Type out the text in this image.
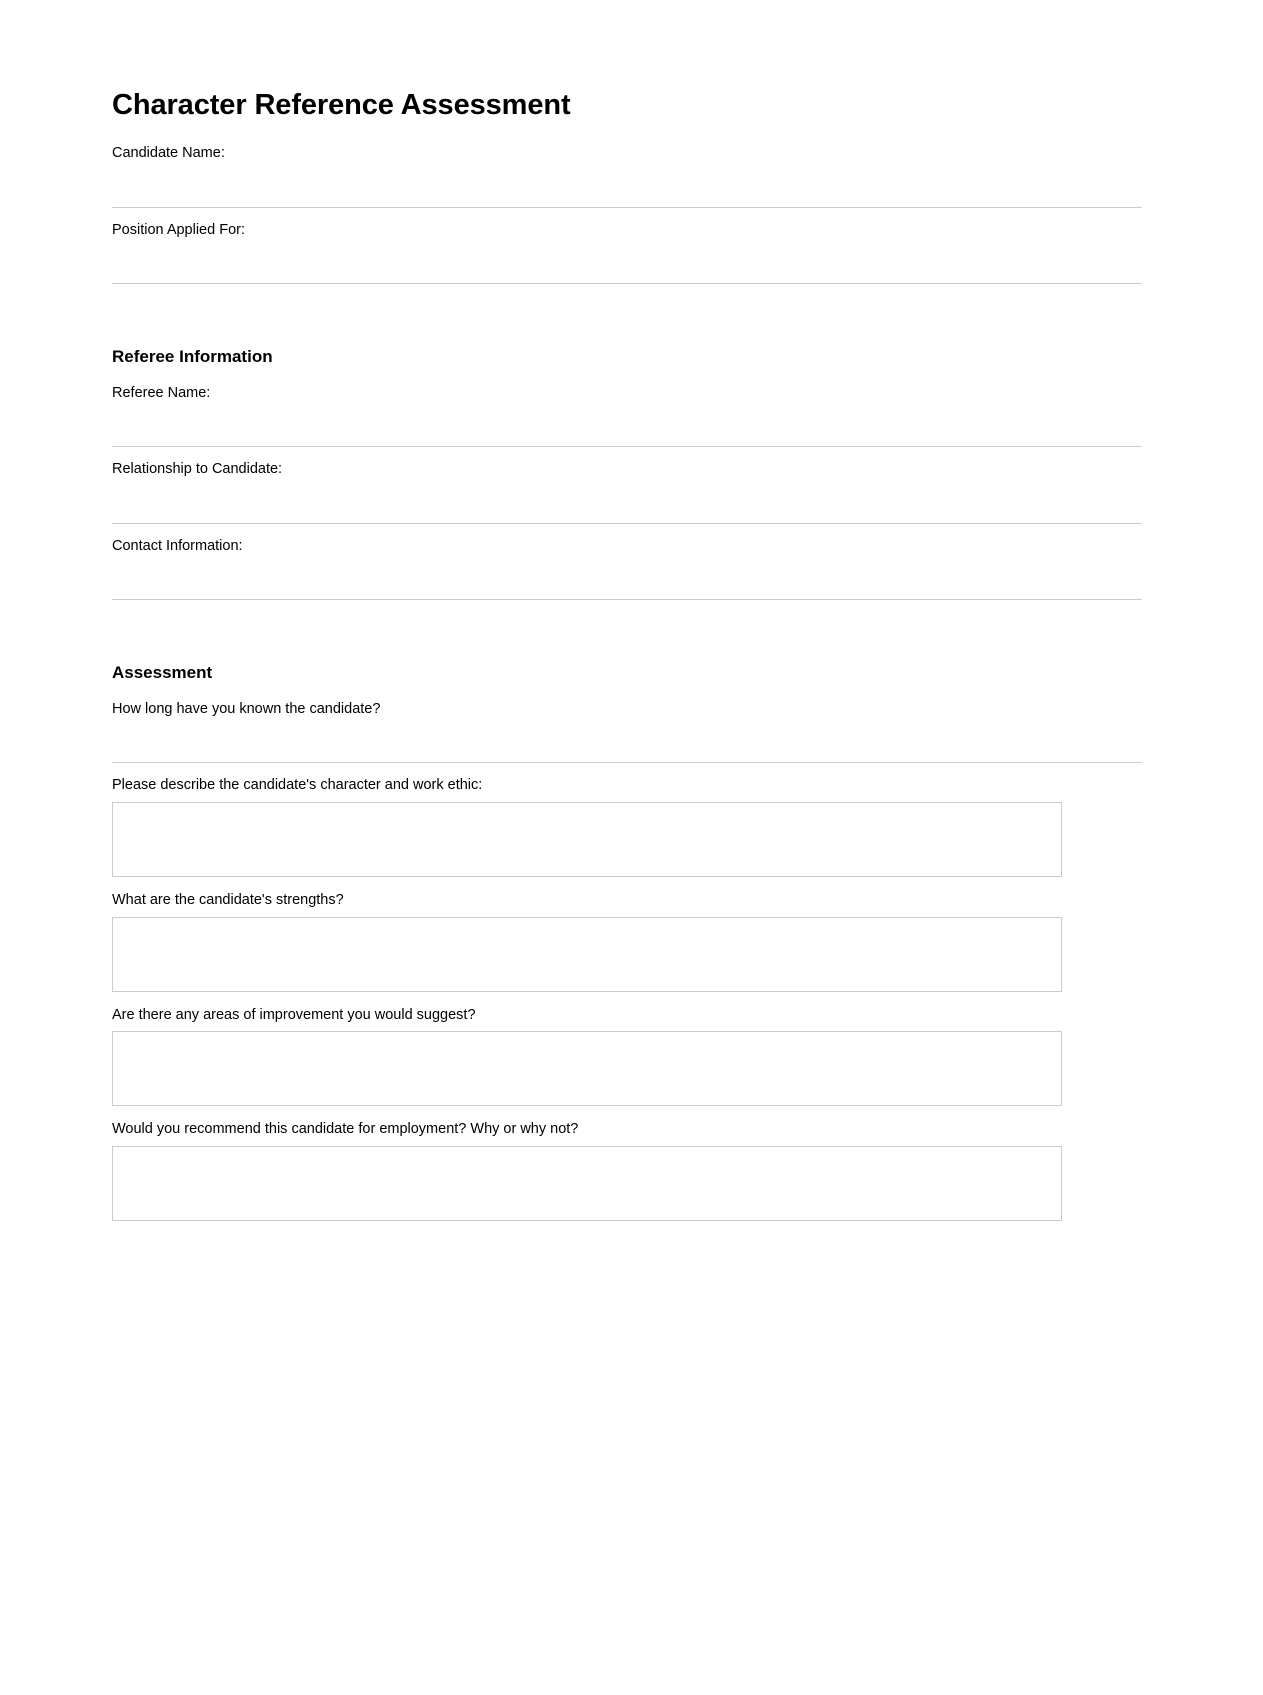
Character Reference Assessment
Candidate Name:
Position Applied For:
Referee Information
Referee Name:
Relationship to Candidate:
Contact Information:
Assessment
How long have you known the candidate?
Please describe the candidate's character and work ethic:
What are the candidate's strengths?
Are there any areas of improvement you would suggest?
Would you recommend this candidate for employment? Why or why not?
